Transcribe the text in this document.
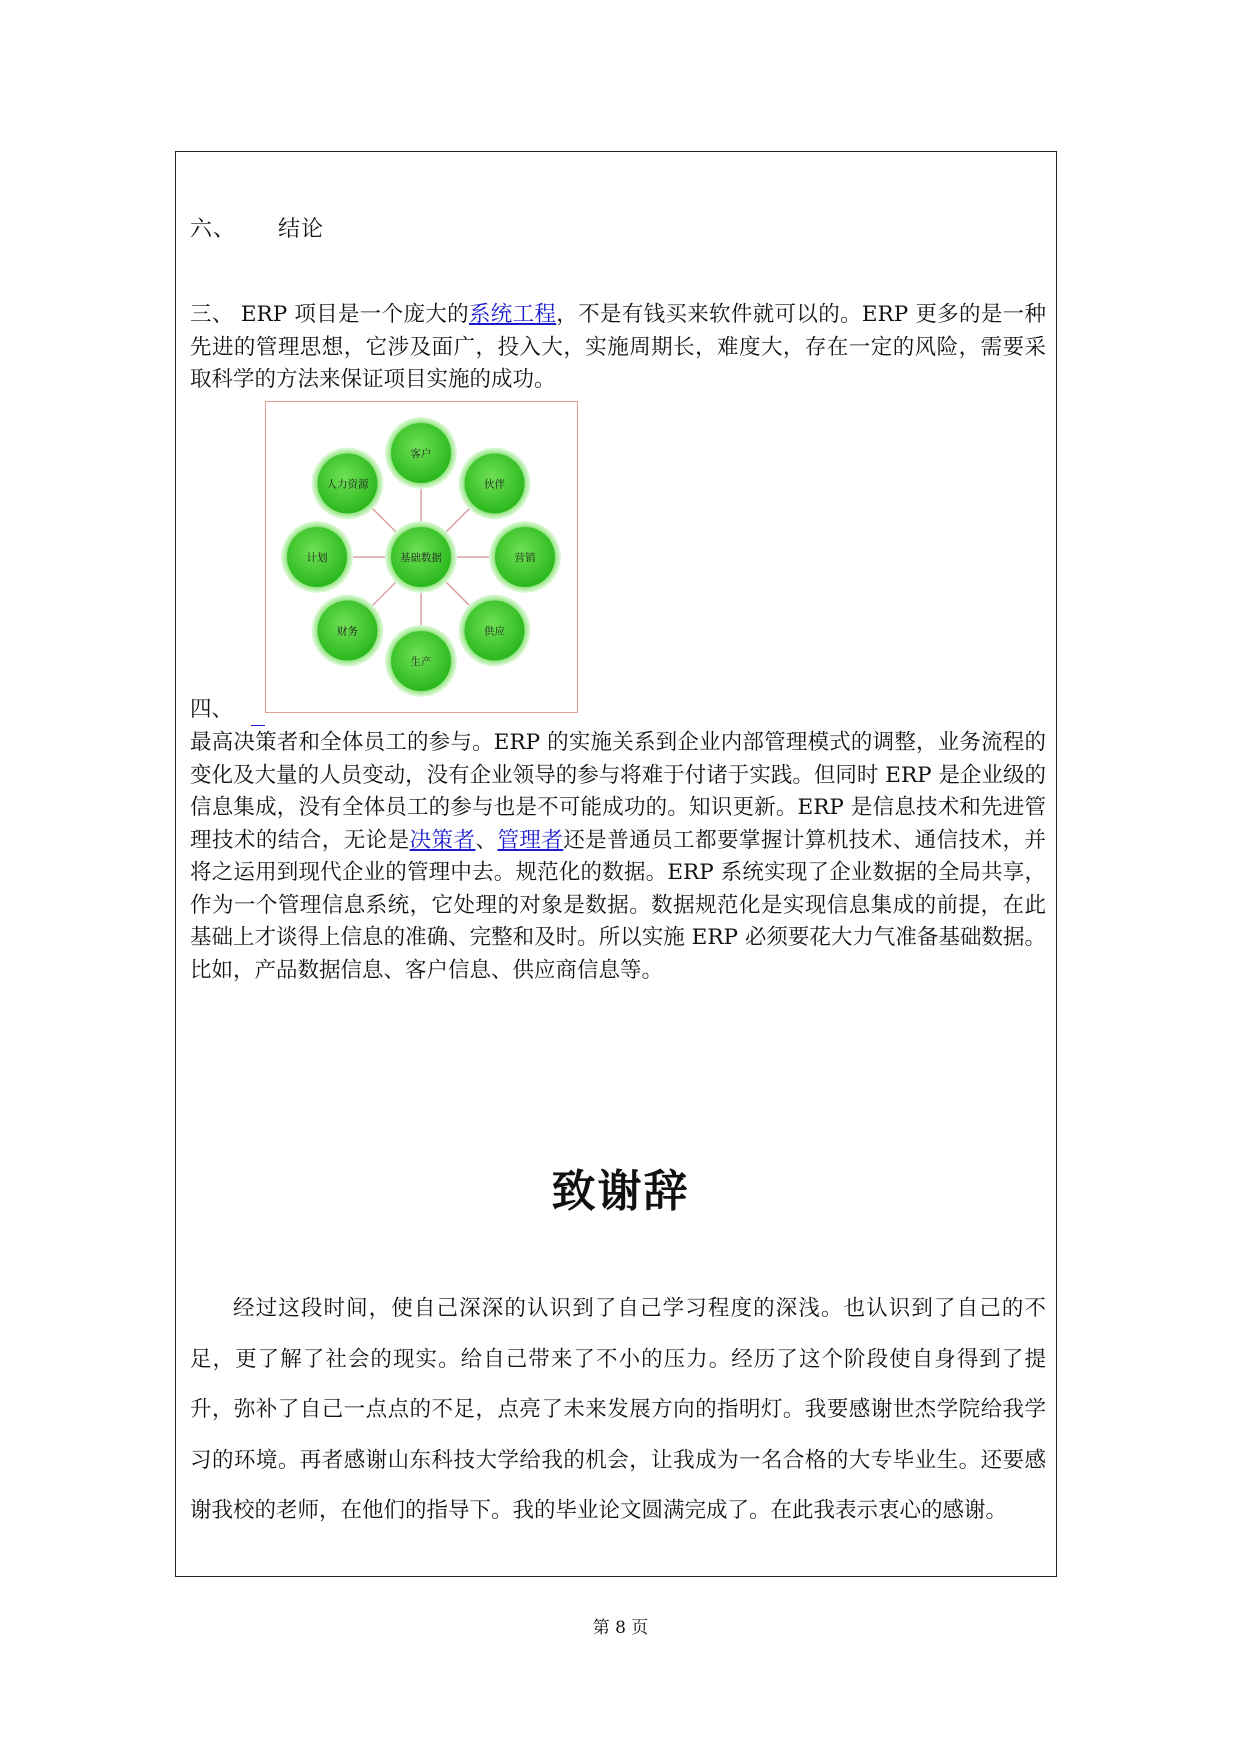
六、 结论

三、 ERP 项目是一个庞大的系统工程，不是有钱买来软件就可以的。ERP 更多的是一种先进的管理思想，它涉及面广，投入大，实施周期长，难度大，存在一定的风险，需要采取科学的方法来保证项目实施的成功。

客户
伙伴
营销
供应
生产
财务
计划
人力资源
基础数据
四、

最高决策者和全体员工的参与。ERP 的实施关系到企业内部管理模式的调整，业务流程的变化及大量的人员变动，没有企业领导的参与将难于付诸于实践。但同时 ERP 是企业级的信息集成，没有全体员工的参与也是不可能成功的。知识更新。ERP 是信息技术和先进管理技术的结合，无论是决策者、管理者还是普通员工都要掌握计算机技术、通信技术，并将之运用到现代企业的管理中去。规范化的数据。ERP 系统实现了企业数据的全局共享，作为一个管理信息系统，它处理的对象是数据。数据规范化是实现信息集成的前提，在此基础上才谈得上信息的准确、完整和及时。所以实施 ERP 必须要花大力气准备基础数据。比如，产品数据信息、客户信息、供应商信息等。

致谢辞

经过这段时间，使自己深深的认识到了自己学习程度的深浅。也认识到了自己的不足，更了解了社会的现实。给自己带来了不小的压力。经历了这个阶段使自身得到了提升，弥补了自己一点点的不足，点亮了未来发展方向的指明灯。我要感谢世杰学院给我学习的环境。再者感谢山东科技大学给我的机会，让我成为一名合格的大专毕业生。还要感谢我校的老师，在他们的指导下。我的毕业论文圆满完成了。在此我表示衷心的感谢。

第 8 页
